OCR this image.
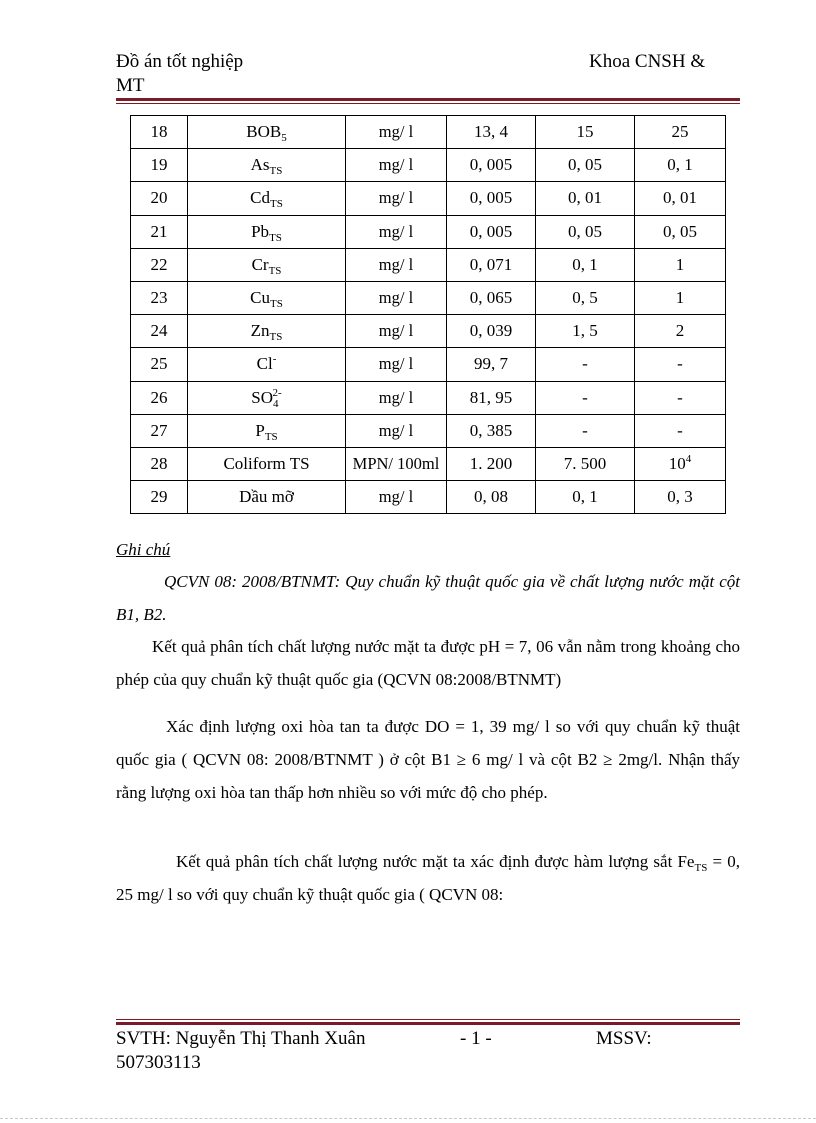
Đồ án tốt nghiệp
MT
Khoa CNSH &
18	$BOB_5$	mg/ l	13, 4	15	25
19	$As_{TS}$	mg/ l	0, 005	0, 05	0, 1
20	$Cd_{TS}$	mg/ l	0, 005	0, 01	0, 01
21	$Pb_{TS}$	mg/ l	0, 005	0, 05	0, 05
22	$Cr_{TS}$	mg/ l	0, 071	0, 1	1
23	$Cu_{TS}$	mg/ l	0, 065	0, 5	1
24	$Zn_{TS}$	mg/ l	0, 039	1, 5	2
25	Cl-	mg/ l	99, 7	-	-
26	$SO_4^{2-}$	mg/ l	81, 95	-	-
27	$P_{TS}$	mg/ l	0, 385	-	-
28	Coliform TS	MPN/ 100ml	1. 200	7. 500	$10^4$
29	Dầu mỡ	mg/ l	0, 08	0, 1	0, 3
Ghi chú
QCVN 08: 2008/BTNMT: Quy chuẩn kỹ thuật quốc gia về chất lượng nước mặt cột B1, B2.
Kết quả phân tích chất lượng nước mặt ta được pH = 7, 06 vẫn nằm trong khoảng cho phép của quy chuẩn kỹ thuật quốc gia (QCVN 08:2008/BTNMT)
Xác định lượng oxi hòa tan ta được DO = 1, 39 mg/ l so với quy chuẩn kỹ thuật quốc gia ( QCVN 08: 2008/BTNMT ) ở cột B1 ≥ 6 mg/ l và cột B2 ≥ 2mg/l. Nhận thấy rằng lượng oxi hòa tan thấp hơn nhiều so với mức độ cho phép.
Kết quả phân tích chất lượng nước mặt ta xác định được hàm lượng sắt $Fe_{TS} = 0$, 25 mg/ l so với quy chuẩn kỹ thuật quốc gia ( QCVN 08:
SVTH: Nguyễn Thị Thanh Xuân	- 1 -	MSSV:
507303113
